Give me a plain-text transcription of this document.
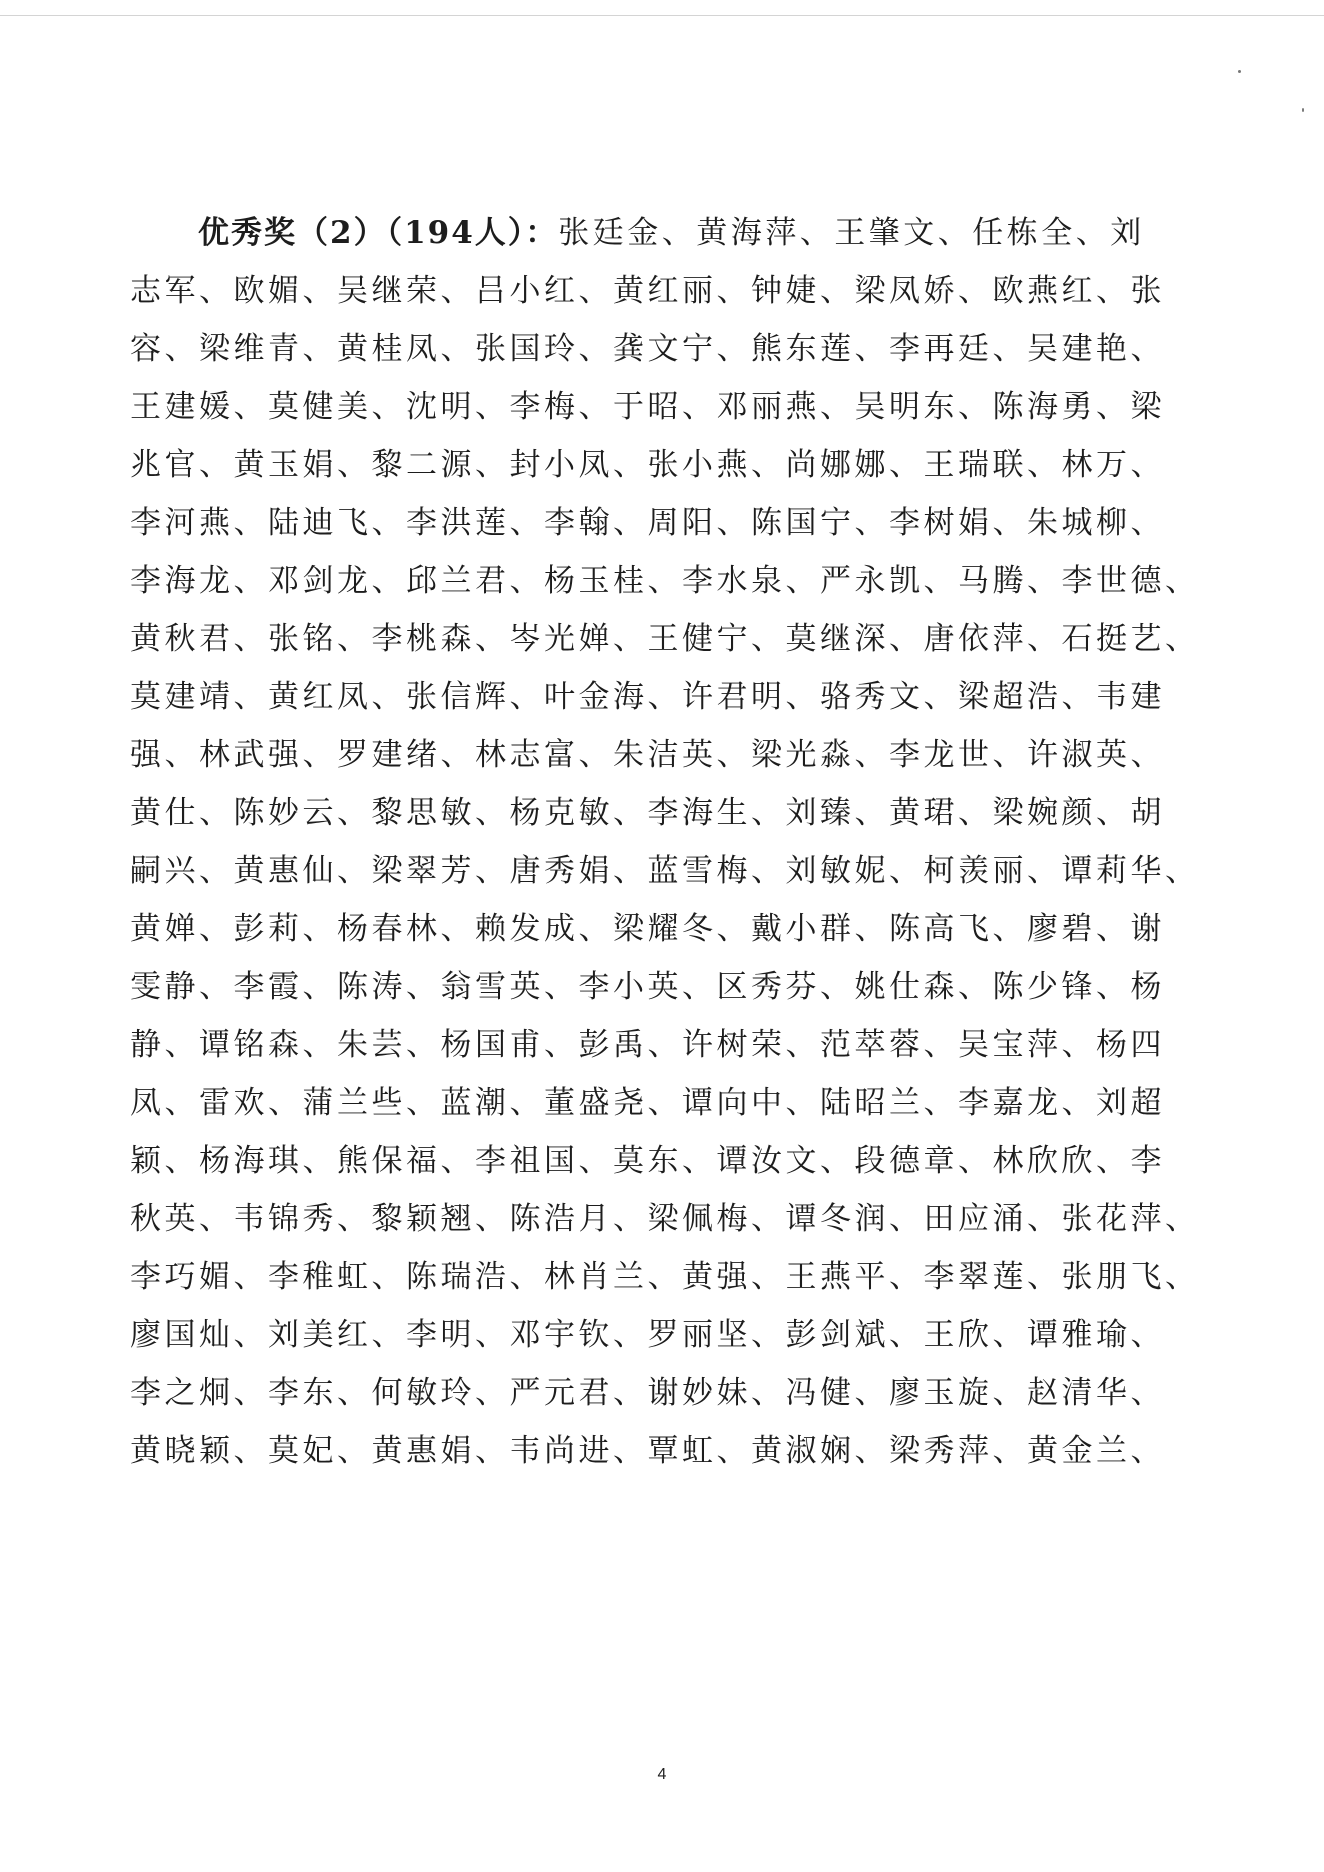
优秀奖（2）（194人）：张廷金、黄海萍、王肇文、任栋全、刘
志军、欧媚、吴继荣、吕小红、黄红丽、钟婕、梁凤娇、欧燕红、张
容、梁维青、黄桂凤、张国玲、龚文宁、熊东莲、李再廷、吴建艳、
王建媛、莫健美、沈明、李梅、于昭、邓丽燕、吴明东、陈海勇、梁
兆官、黄玉娟、黎二源、封小凤、张小燕、尚娜娜、王瑞联、林万、
李河燕、陆迪飞、李洪莲、李翰、周阳、陈国宁、李树娟、朱城柳、
李海龙、邓剑龙、邱兰君、杨玉桂、李水泉、严永凯、马腾、李世德、
黄秋君、张铭、李桃森、岑光婵、王健宁、莫继深、唐依萍、石挺艺、
莫建靖、黄红凤、张信辉、叶金海、许君明、骆秀文、梁超浩、韦建
强、林武强、罗建绪、林志富、朱洁英、梁光淼、李龙世、许淑英、
黄仕、陈妙云、黎思敏、杨克敏、李海生、刘臻、黄珺、梁婉颜、胡
嗣兴、黄惠仙、梁翠芳、唐秀娟、蓝雪梅、刘敏妮、柯羡丽、谭莉华、
黄婵、彭莉、杨春林、赖发成、梁耀冬、戴小群、陈高飞、廖碧、谢
雯静、李霞、陈涛、翁雪英、李小英、区秀芬、姚仕森、陈少锋、杨
静、谭铭森、朱芸、杨国甫、彭禹、许树荣、范萃蓉、吴宝萍、杨四
凤、雷欢、蒲兰些、蓝潮、董盛尧、谭向中、陆昭兰、李嘉龙、刘超
颖、杨海琪、熊保福、李祖国、莫东、谭汝文、段德章、林欣欣、李
秋英、韦锦秀、黎颖翘、陈浩月、梁佩梅、谭冬润、田应涌、张花萍、
李巧媚、李稚虹、陈瑞浩、林肖兰、黄强、王燕平、李翠莲、张朋飞、
廖国灿、刘美红、李明、邓宇钦、罗丽坚、彭剑斌、王欣、谭雅瑜、
李之炯、李东、何敏玲、严元君、谢妙妹、冯健、廖玉旋、赵清华、
黄晓颖、莫妃、黄惠娟、韦尚进、覃虹、黄淑娴、梁秀萍、黄金兰、
4
